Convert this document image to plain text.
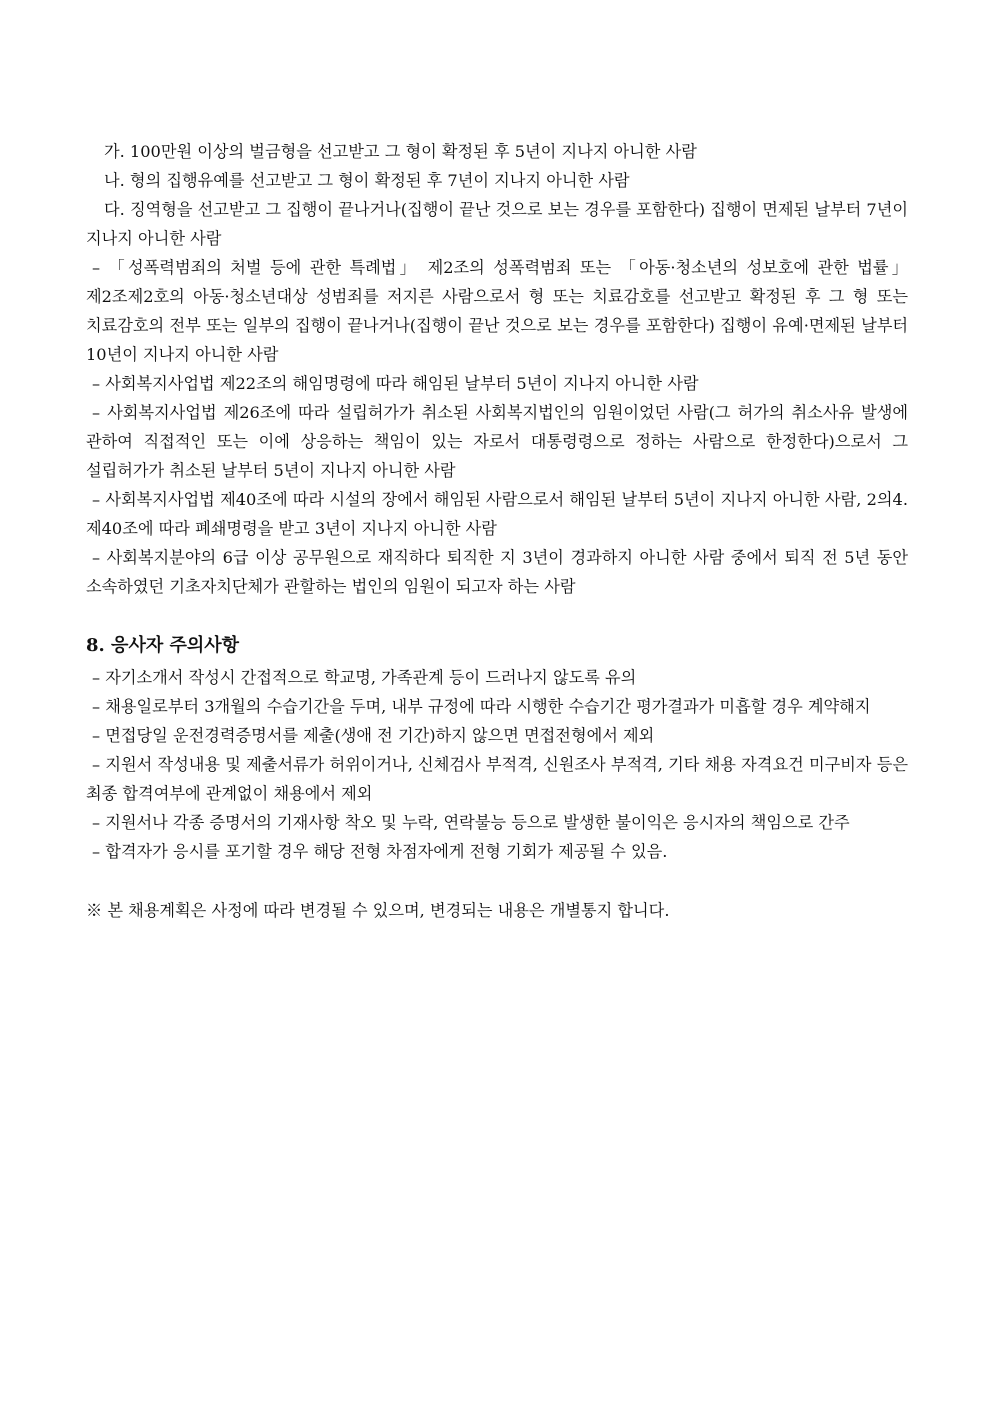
가. 100만원 이상의 벌금형을 선고받고 그 형이 확정된 후 5년이 지나지 아니한 사람

나. 형의 집행유예를 선고받고 그 형이 확정된 후 7년이 지나지 아니한 사람

다. 징역형을 선고받고 그 집행이 끝나거나(집행이 끝난 것으로 보는 경우를 포함한다) 집행이 면제된 날부터 7년이 지나지 아니한 사람

– 「성폭력범죄의 처벌 등에 관한 특례법」 제2조의 성폭력범죄 또는 「아동·청소년의 성보호에 관한 법률」 제2조제2호의 아동·청소년대상 성범죄를 저지른 사람으로서 형 또는 치료감호를 선고받고 확정된 후 그 형 또는 치료감호의 전부 또는 일부의 집행이 끝나거나(집행이 끝난 것으로 보는 경우를 포함한다) 집행이 유예·면제된 날부터 10년이 지나지 아니한 사람

– 사회복지사업법 제22조의 해임명령에 따라 해임된 날부터 5년이 지나지 아니한 사람

– 사회복지사업법 제26조에 따라 설립허가가 취소된 사회복지법인의 임원이었던 사람(그 허가의 취소사유 발생에 관하여 직접적인 또는 이에 상응하는 책임이 있는 자로서 대통령령으로 정하는 사람으로 한정한다)으로서 그 설립허가가 취소된 날부터 5년이 지나지 아니한 사람

– 사회복지사업법 제40조에 따라 시설의 장에서 해임된 사람으로서 해임된 날부터 5년이 지나지 아니한 사람, 2의4. 제40조에 따라 폐쇄명령을 받고 3년이 지나지 아니한 사람

– 사회복지분야의 6급 이상 공무원으로 재직하다 퇴직한 지 3년이 경과하지 아니한 사람 중에서 퇴직 전 5년 동안 소속하였던 기초자치단체가 관할하는 법인의 임원이 되고자 하는 사람

8. 응사자 주의사항

– 자기소개서 작성시 간접적으로 학교명, 가족관계 등이 드러나지 않도록 유의

– 채용일로부터 3개월의 수습기간을 두며, 내부 규정에 따라 시행한 수습기간 평가결과가 미흡할 경우 계약해지

– 면접당일 운전경력증명서를 제출(생애 전 기간)하지 않으면 면접전형에서 제외

– 지원서 작성내용 및 제출서류가 허위이거나, 신체검사 부적격, 신원조사 부적격, 기타 채용 자격요건 미구비자 등은 최종 합격여부에 관계없이 채용에서 제외

– 지원서나 각종 증명서의 기재사항 착오 및 누락, 연락불능 등으로 발생한 불이익은 응시자의 책임으로 간주

– 합격자가 응시를 포기할 경우 해당 전형 차점자에게 전형 기회가 제공될 수 있음.

※ 본 채용계획은 사정에 따라 변경될 수 있으며, 변경되는 내용은 개별통지 합니다.
